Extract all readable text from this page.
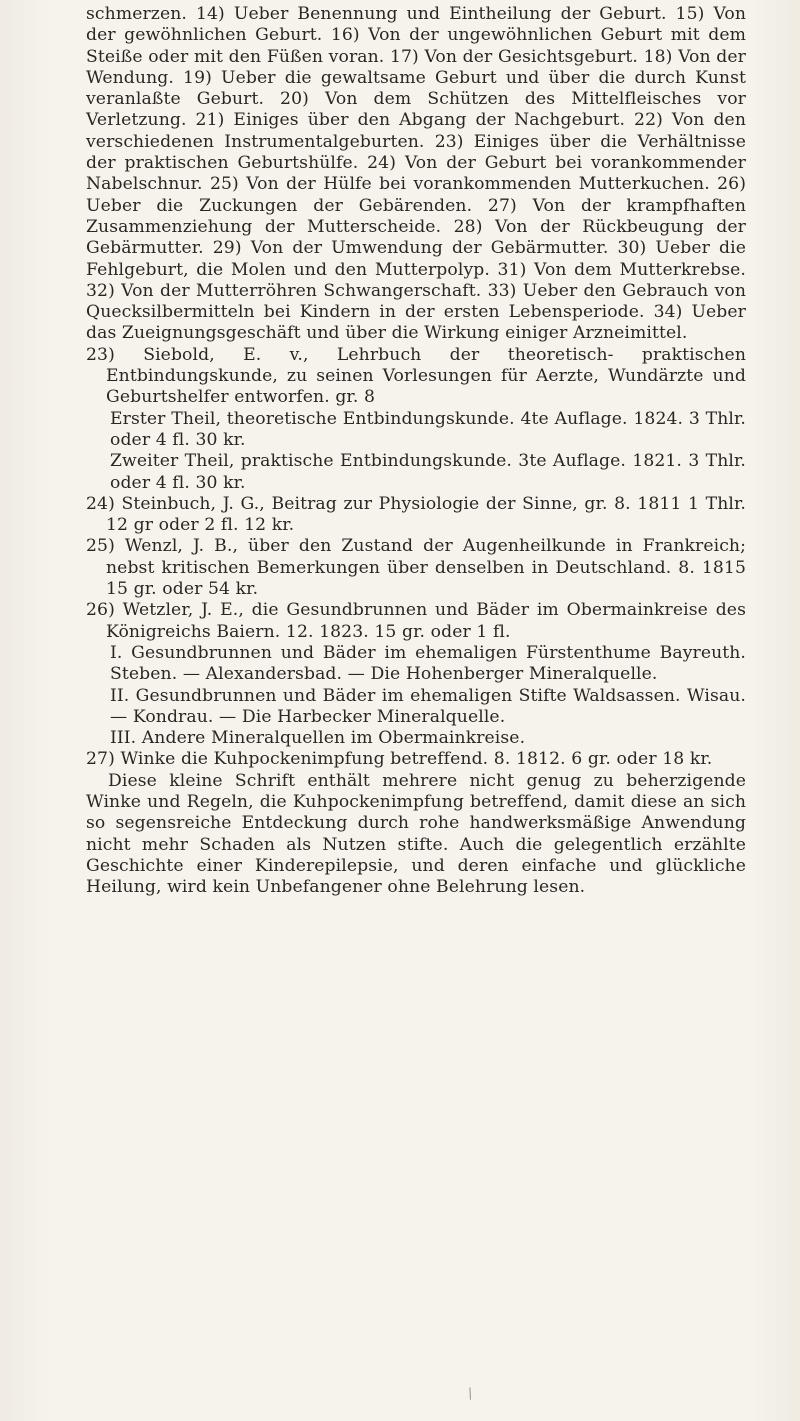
schmerzen. 14) Ueber Benennung und Eintheilung der Geburt. 15) Von der gewöhnlichen Geburt. 16) Von der ungewöhnlichen Geburt mit dem Steiße oder mit den Füßen voran. 17) Von der Gesichtsgeburt. 18) Von der Wendung. 19) Ueber die gewaltsame Geburt und über die durch Kunst veranlaßte Geburt. 20) Von dem Schützen des Mittelfleisches vor Verletzung. 21) Einiges über den Abgang der Nachgeburt. 22) Von den verschiedenen Instrumentalgeburten. 23) Einiges über die Verhältnisse der praktischen Geburtshülfe. 24) Von der Geburt bei vorankommender Nabelschnur. 25) Von der Hülfe bei vorankommenden Mutterkuchen. 26) Ueber die Zuckungen der Gebärenden. 27) Von der krampfhaften Zusammenziehung der Mutterscheide. 28) Von der Rückbeugung der Gebärmutter. 29) Von der Umwendung der Gebärmutter. 30) Ueber die Fehlgeburt, die Molen und den Mutterpolyp. 31) Von dem Mutterkrebse. 32) Von der Mutterröhren Schwangerschaft. 33) Ueber den Gebrauch von Quecksilbermitteln bei Kindern in der ersten Lebensperiode. 34) Ueber das Zueignungsgeschäft und über die Wirkung einiger Arzneimittel.

23) Siebold, E. v., Lehrbuch der theoretisch- praktischen Entbindungskunde, zu seinen Vorlesungen für Aerzte, Wundärzte und Geburtshelfer entworfen. gr. 8

Erster Theil, theoretische Entbindungskunde. 4te Auflage. 1824. 3 Thlr. oder 4 fl. 30 kr.

Zweiter Theil, praktische Entbindungskunde. 3te Auflage. 1821. 3 Thlr. oder 4 fl. 30 kr.

24) Steinbuch, J. G., Beitrag zur Physiologie der Sinne, gr. 8. 1811 1 Thlr. 12 gr oder 2 fl. 12 kr.

25) Wenzl, J. B., über den Zustand der Augenheilkunde in Frankreich; nebst kritischen Bemerkungen über denselben in Deutschland. 8. 1815 15 gr. oder 54 kr.

26) Wetzler, J. E., die Gesundbrunnen und Bäder im Obermainkreise des Königreichs Baiern. 12. 1823. 15 gr. oder 1 fl.

I. Gesundbrunnen und Bäder im ehemaligen Fürstenthume Bayreuth. Steben. — Alexandersbad. — Die Hohenberger Mineralquelle.

II. Gesundbrunnen und Bäder im ehemaligen Stifte Waldsassen. Wisau. — Kondrau. — Die Harbecker Mineralquelle.

III. Andere Mineralquellen im Obermainkreise.

27) Winke die Kuhpockenimpfung betreffend. 8. 1812. 6 gr. oder 18 kr.

Diese kleine Schrift enthält mehrere nicht genug zu beherzigende Winke und Regeln, die Kuhpockenimpfung betreffend, damit diese an sich so segensreiche Entdeckung durch rohe handwerksmäßige Anwendung nicht mehr Schaden als Nutzen stifte. Auch die gelegentlich erzählte Geschichte einer Kinderepilepsie, und deren einfache und glückliche Heilung, wird kein Unbefangener ohne Belehrung lesen.

/
